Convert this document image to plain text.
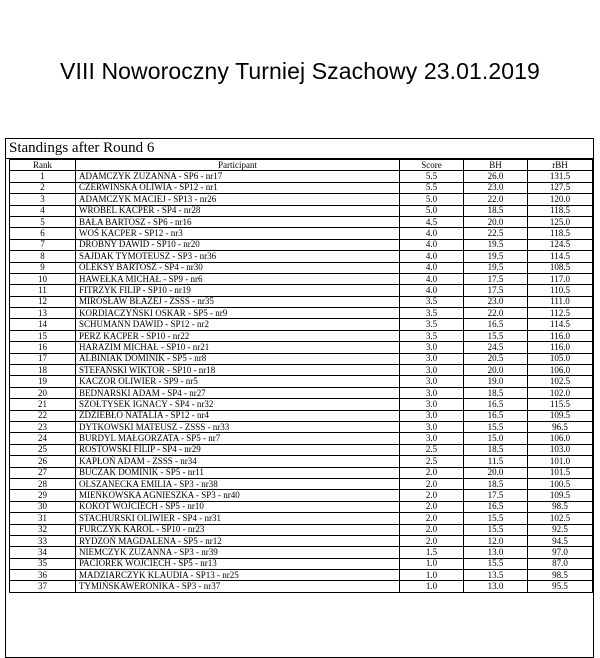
VIII Noworoczny Turniej Szachowy 23.01.2019
Standings after Round 6
Rank	Participant	Score	BH	rBH
1	ADAMCZYK ZUZANNA - SP6 - nr17	5.5	26.0	131.5
2	CZERWIŃSKA OLIWIA - SP12 - nr1	5.5	23.0	127.5
3	ADAMCZYK MACIEJ - SP13 - nr26	5.0	22.0	120.0
4	WRÓBEL KACPER - SP4 - nr28	5.0	18.5	118.5
5	BAŁA BARTOSZ - SP6 - nr16	4.5	20.0	125.0
6	WOŚ KACPER - SP12 - nr3	4.0	22.5	118.5
7	DROBNY DAWID - SP10 - nr20	4.0	19.5	124.5
8	SAJDAK TYMOTEUSZ - SP3 - nr36	4.0	19.5	114.5
9	OLEKSY BARTOSZ - SP4 - nr30	4.0	19.5	108.5
10	HAWEŁKA MICHAŁ - SP9 - nr6	4.0	17.5	117.0
11	FITRZYK FILIP - SP10 - nr19	4.0	17.5	110.5
12	MIROSŁAW BŁAŻEJ - ZSSS - nr35	3.5	23.0	111.0
13	KORDIACZYŃSKI OSKAR - SP5 - nr9	3.5	22.0	112.5
14	SCHUMANN DAWID - SP12 - nr2	3.5	16.5	114.5
15	PERZ KACPER - SP10 - nr22	3.5	15.5	116.0
16	HARAZIM MICHAŁ - SP10 - nr21	3.0	24.5	116.0
17	ALBINIAK DOMINIK - SP5 - nr8	3.0	20.5	105.0
18	STEFAŃSKI WIKTOR - SP10 - nr18	3.0	20.0	106.0
19	KACZOR OLIWIER - SP9 - nr5	3.0	19.0	102.5
20	BEDNARSKI ADAM - SP4 - nr27	3.0	18.5	102.0
21	SZOŁTYSEK IGNACY - SP4 - nr32	3.0	16.5	115.5
22	ZDZIEBŁO NATALIA - SP12 - nr4	3.0	16.5	109.5
23	DYTKOWSKI MATEUSZ - ZSSS - nr33	3.0	15.5	96.5
24	BURDYL MAŁGORZATA - SP5 - nr7	3.0	15.0	106.0
25	ROSTOWSKI FILIP - SP4 - nr29	2.5	18.5	103.0
26	KAPŁOŃ ADAM - ZSSS - nr34	2.5	11.5	101.0
27	BUCZAK DOMINIK - SP5 - nr11	2.0	20.0	101.5
28	OLSZANECKA EMILIA - SP3 - nr38	2.0	18.5	100.5
29	MIEŃKOWSKA AGNIESZKA - SP3 - nr40	2.0	17.5	109.5
30	KOKOT WOJCIECH - SP5 - nr10	2.0	16.5	98.5
31	STACHURSKI OLIWIER - SP4 - nr31	2.0	15.5	102.5
32	FURCZYK KAROL - SP10 - nr23	2.0	15.5	92.5
33	RYDZOŃ MAGDALENA - SP5 - nr12	2.0	12.0	94.5
34	NIEMCZYK ZUZANNA - SP3 - nr39	1.5	13.0	97.0
35	PACIOREK WOJCIECH - SP5 - nr13	1.0	15.5	87.0
36	MADZIARCZYK KLAUDIA - SP13 - nr25	1.0	13.5	98.5
37	TYMIŃSKAWERONIKA - SP3 - nr37	1.0	13.0	95.5
